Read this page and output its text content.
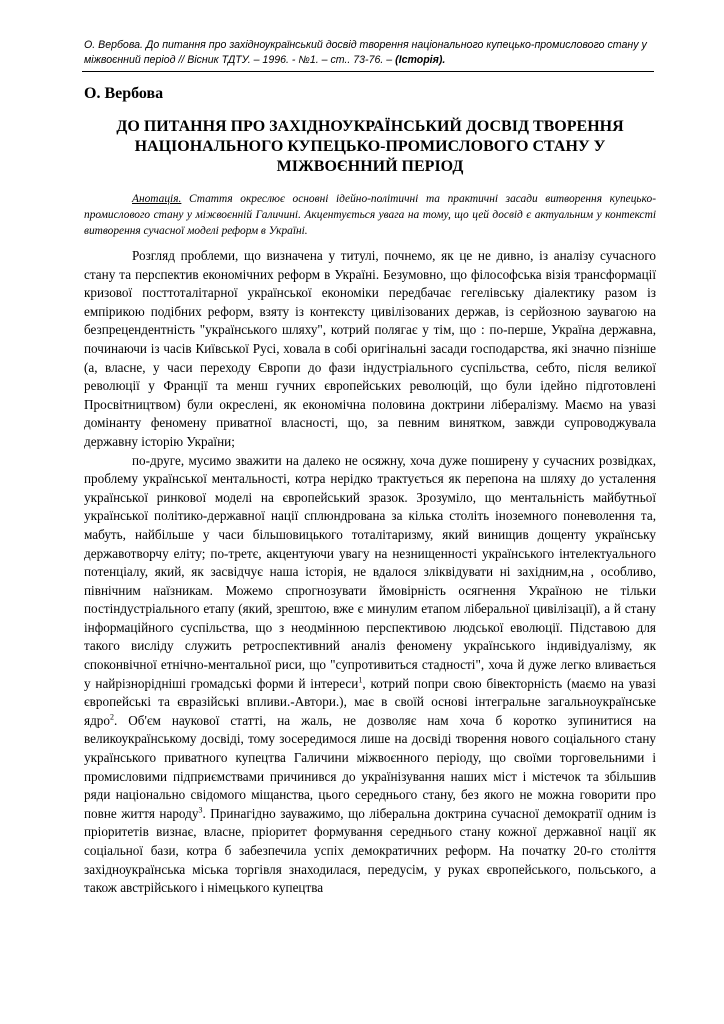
О. Вербова. До питання про західноукраїнський досвід творення національного купецько-промислового стану у міжвоєнний період // Вісник ТДТУ. – 1996. - №1. – ст.. 73-76. – (Історія).
О. Вербова
ДО ПИТАННЯ ПРО ЗАХІДНОУКРАЇНСЬКИЙ ДОСВІД ТВОРЕННЯ НАЦІОНАЛЬНОГО КУПЕЦЬКО-ПРОМИСЛОВОГО СТАНУ У МІЖВОЄННИЙ ПЕРІОД
Анотація. Стаття окреслює основні ідейно-політичні та практичні засади витворення купецько-промислового стану у міжвоєнній Галичині. Акцентується увага на тому, що цей досвід є актуальним у контексті витворення сучасної моделі реформ в Україні.

Розгляд проблеми, що визначена у титулі, почнемо, як це не дивно, із аналізу сучасного стану та перспектив економічних реформ в Україні. Безумовно, що філософська візія трансформації кризової посттоталітарної української економіки передбачає гегелівську діалектику разом із емпірикою подібних реформ, взяту із контексту цивілізованих держав, із серйозною заувагою на безпрецендентність "українського шляху", котрий полягає у тім, що : по-перше, Україна державна, починаючи із часів Київської Русі, ховала в собі оригінальні засади господарства, які значно пізніше (а, власне, у часи переходу Європи до фази індустріального суспільства, себто, після великої революції у Франції та менш гучних європейських революцій, що були ідейно підготовлені Просвітництвом) були окреслені, як економічна половина доктрини лібералізму. Маємо на увазі домінанту феномену приватної власності, що, за певним винятком, завжди супроводжувала державну історію України;

по-друге, мусимо зважити на далеко не осяжну, хоча дуже поширену у сучасних розвідках, проблему української ментальності, котра нерідко трактується як перепона на шляху до усталення української ринкової моделі на європейський зразок. Зрозуміло, що ментальність майбутньої української політико-державної нації сплюндрована за кілька століть іноземного поневолення та, мабуть, найбільше у часи більшовицького тоталітаризму, який винищив дощенту українську державотворчу еліту; по-третє, акцентуючи увагу на незнищенності українського інтелектуального потенціалу, який, як засвідчує наша історія, не вдалося зліквідувати ні західним,на , особливо, північним наїзникам. Можемо спрогнозувати ймовірність осягнення Україною не тільки постіндустріального етапу (який, зрештою, вже є минулим етапом ліберальної цивілізації), а й стану інформаційного суспільства, що з неодмінною перспективою людської еволюції. Підставою для такого висліду служить ретроспективний аналіз феномену українського індивідуалізму, як споконвічної етнічно-ментальної риси, що "супротивиться стадності", хоча й дуже легко вливається у найрізнорідніші громадські форми й інтереси$^1$, котрий попри свою бівекторність (маємо на увазі європейські та євразійські впливи.-Автори.), має в своїй основі інтегральне загальноукраїнське ядро$^2$. Об'єм наукової статті, на жаль, не дозволяє нам хоча б коротко зупинитися на великоукраїнському досвіді, тому зосередимося лише на досвіді творення нового соціального стану українського приватного купецтва Галичини міжвоєнного періоду, що своїми торговельними і промисловими підприємствами причинився до українізування наших міст і містечок та збільшив ряди національно свідомого міщанства, цього середнього стану, без якого не можна говорити про повне життя народу$^3$. Принагідно зауважимо, що ліберальна доктрина сучасної демократії одним із пріоритетів визнає, власне, пріоритет формування середнього стану кожної державної нації як соціальної бази, котра б забезпечила успіх демократичних реформ. На початку 20-го століття західноукраїнська міська торгівля знаходилася, передусім, у руках європейського, польського, а також австрійського і німецького купецтва
